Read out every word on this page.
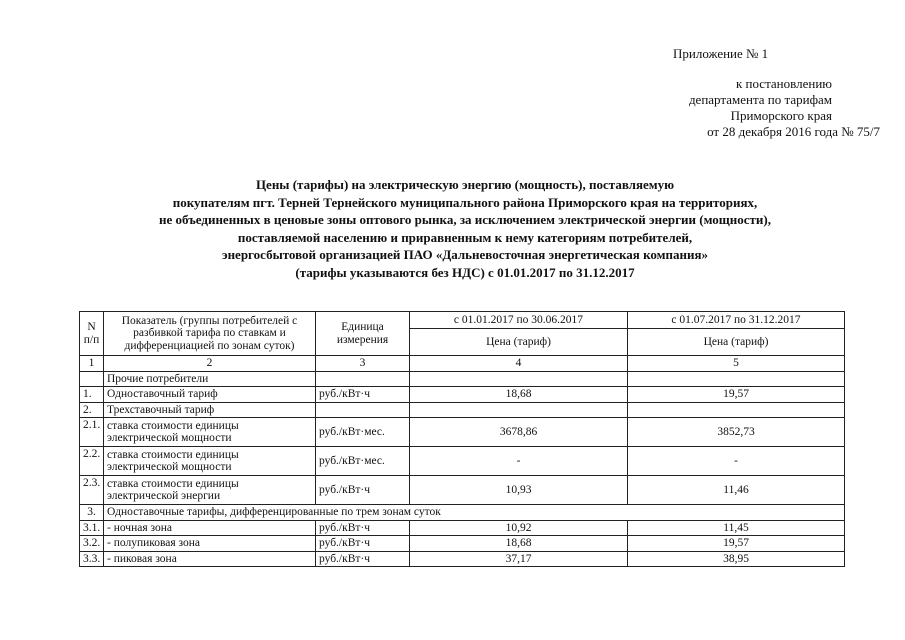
Приложение № 1
к постановлению
департамента по тарифам
Приморского края
от 28 декабря 2016 года № 75/7
Цены (тарифы) на электрическую энергию (мощность), поставляемую
покупателям пгт. Терней Тернейского муниципального района Приморского края на территориях,
не объединенных в ценовые зоны оптового рынка, за исключением электрической энергии (мощности),
поставляемой населению и приравненным к нему категориям потребителей,
энергосбытовой организацией ПАО «Дальневосточная энергетическая компания»
(тарифы указываются без НДС) с 01.01.2017 по 31.12.2017
N п/п	Показатель (группы потребителей с разбивкой тарифа по ставкам и дифференциацией по зонам суток)	Единица измерения	с 01.01.2017 по 30.06.2017	с 01.07.2017 по 31.12.2017
			Цена (тариф)	Цена (тариф)
1	2	3	4	5
	Прочие потребители			
1.	Одноставочный тариф	руб./кВт·ч	18,68	19,57
2.	Трехставочный тариф			
2.1.	ставка стоимости единицы электрической мощности	руб./кВт·мес.	3678,86	3852,73
2.2.	ставка стоимости единицы электрической мощности	руб./кВт·мес.	-	-
2.3.	ставка стоимости единицы электрической энергии	руб./кВт·ч	10,93	11,46
3.	Одноставочные тарифы, дифференцированные по трем зонам суток			
3.1.	- ночная зона	руб./кВт·ч	10,92	11,45
3.2.	- полупиковая зона	руб./кВт·ч	18,68	19,57
3.3.	- пиковая зона	руб./кВт·ч	37,17	38,95
